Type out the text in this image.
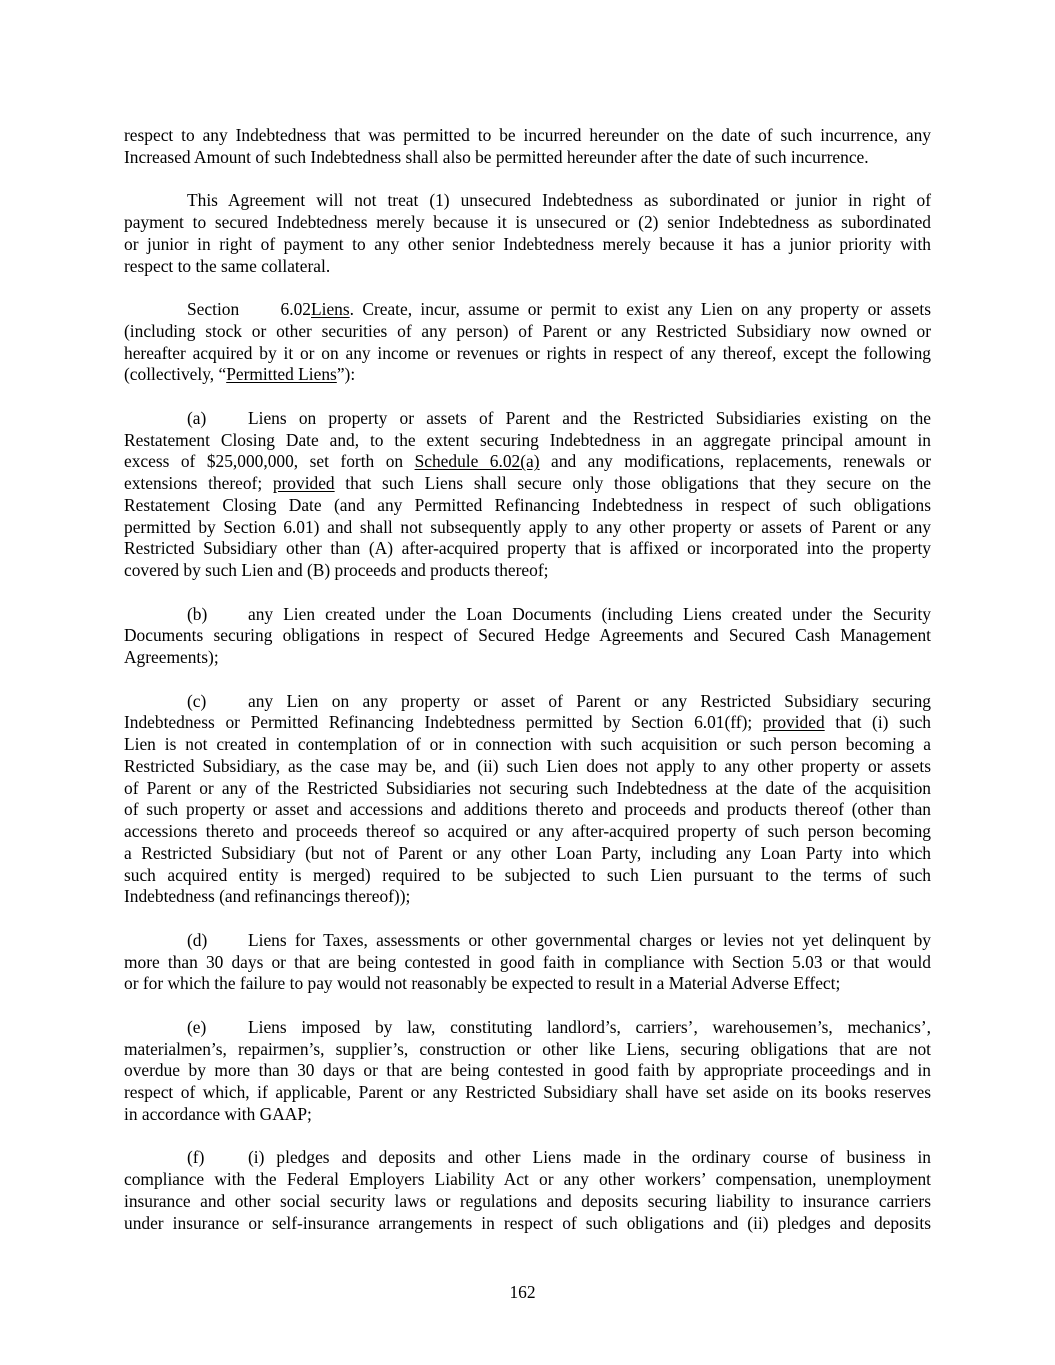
respect to any Indebtedness that was permitted to be incurred hereunder on the date of such incurrence, any
Increased Amount of such Indebtedness shall also be permitted hereunder after the date of such incurrence.
This Agreement will not treat (1) unsecured Indebtedness as subordinated or junior in right of
payment to secured Indebtedness merely because it is unsecured or (2) senior Indebtedness as subordinated
or junior in right of payment to any other senior Indebtedness merely because it has a junior priority with
respect to the same collateral.
Section 6.02Liens. Create, incur, assume or permit to exist any Lien on any property or assets
(including stock or other securities of any person) of Parent or any Restricted Subsidiary now owned or
hereafter acquired by it or on any income or revenues or rights in respect of any thereof, except the following
(collectively, “Permitted Liens”):
(a) Liens on property or assets of Parent and the Restricted Subsidiaries existing on the
Restatement Closing Date and, to the extent securing Indebtedness in an aggregate principal amount in
excess of $25,000,000, set forth on Schedule 6.02(a) and any modifications, replacements, renewals or
extensions thereof; provided that such Liens shall secure only those obligations that they secure on the
Restatement Closing Date (and any Permitted Refinancing Indebtedness in respect of such obligations
permitted by Section 6.01) and shall not subsequently apply to any other property or assets of Parent or any
Restricted Subsidiary other than (A) after-acquired property that is affixed or incorporated into the property
covered by such Lien and (B) proceeds and products thereof;
(b) any Lien created under the Loan Documents (including Liens created under the Security
Documents securing obligations in respect of Secured Hedge Agreements and Secured Cash Management
Agreements);
(c) any Lien on any property or asset of Parent or any Restricted Subsidiary securing
Indebtedness or Permitted Refinancing Indebtedness permitted by Section 6.01(ff); provided that (i) such
Lien is not created in contemplation of or in connection with such acquisition or such person becoming a
Restricted Subsidiary, as the case may be, and (ii) such Lien does not apply to any other property or assets
of Parent or any of the Restricted Subsidiaries not securing such Indebtedness at the date of the acquisition
of such property or asset and accessions and additions thereto and proceeds and products thereof (other than
accessions thereto and proceeds thereof so acquired or any after-acquired property of such person becoming
a Restricted Subsidiary (but not of Parent or any other Loan Party, including any Loan Party into which
such acquired entity is merged) required to be subjected to such Lien pursuant to the terms of such
Indebtedness (and refinancings thereof));
(d) Liens for Taxes, assessments or other governmental charges or levies not yet delinquent by
more than 30 days or that are being contested in good faith in compliance with Section 5.03 or that would
or for which the failure to pay would not reasonably be expected to result in a Material Adverse Effect;
(e) Liens imposed by law, constituting landlord’s, carriers’, warehousemen’s, mechanics’,
materialmen’s, repairmen’s, supplier’s, construction or other like Liens, securing obligations that are not
overdue by more than 30 days or that are being contested in good faith by appropriate proceedings and in
respect of which, if applicable, Parent or any Restricted Subsidiary shall have set aside on its books reserves
in accordance with GAAP;
(f)	(i) pledges and deposits and other Liens made in the ordinary course of business in
compliance with the Federal Employers Liability Act or any other workers’ compensation, unemployment
insurance and other social security laws or regulations and deposits securing liability to insurance carriers
under insurance or self-insurance arrangements in respect of such obligations and (ii) pledges and deposits
162
